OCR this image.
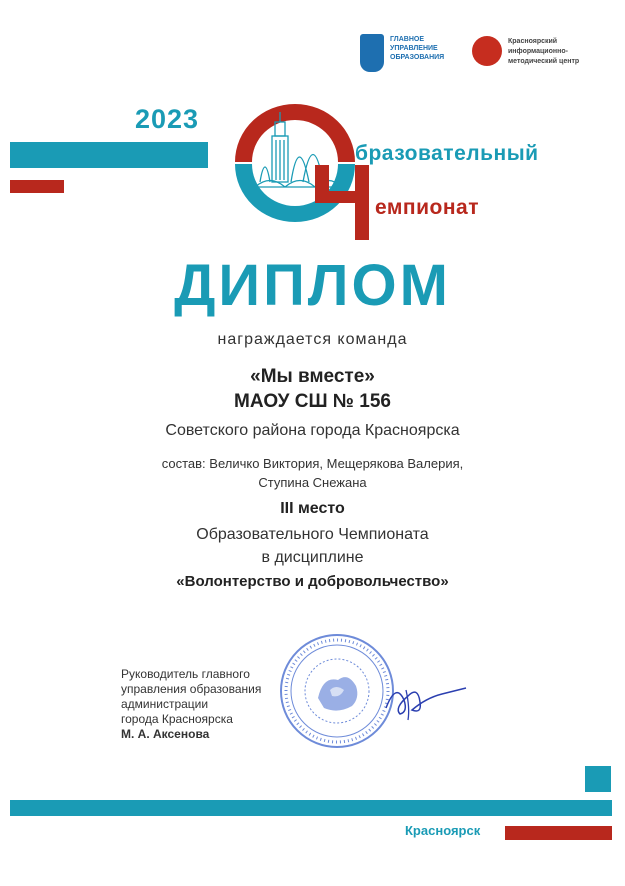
ГЛАВНОЕ
УПРАВЛЕНИЕ
ОБРАЗОВАНИЯ
Красноярский
информационно-
методический центр
2023
бразовательный
емпионат
ДИПЛОМ
награждается команда
«Мы вместе»
МАОУ СШ № 156
Советского района города Красноярска
состав: Величко Виктория, Мещерякова Валерия,
Ступина Снежана
III место
Образовательного Чемпионата
в дисциплине
«Волонтерство и добровольчество»
Руководитель главного
управления образования
администрации
города Красноярска
М. А. Аксенова
Красноярск
